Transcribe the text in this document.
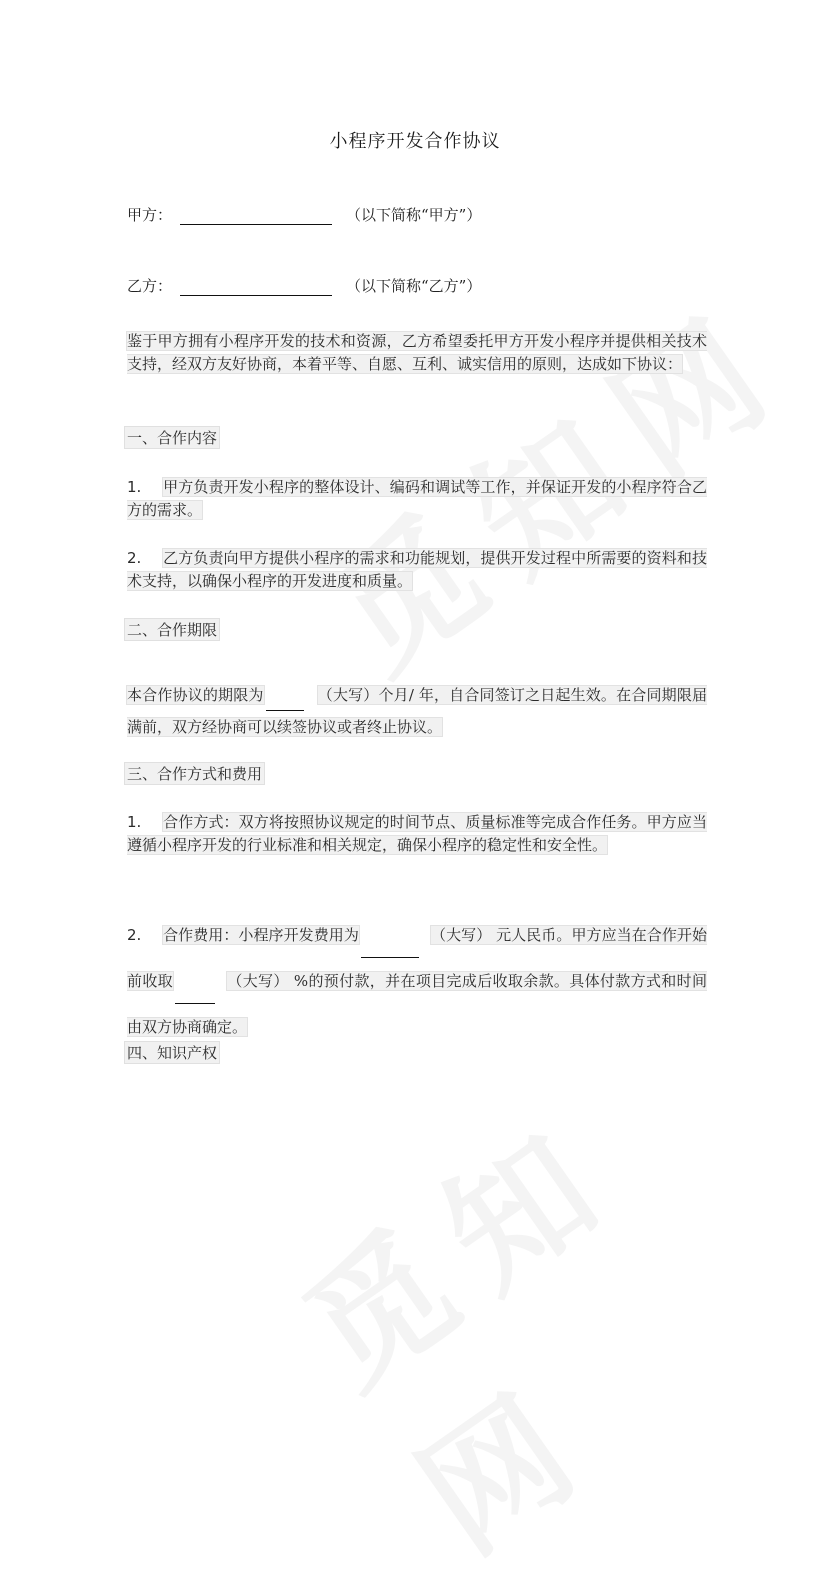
小程序开发合作协议
甲方：	（以下简称“甲方”）
乙方：	（以下简称“乙方”）
鉴于甲方拥有小程序开发的技术和资源，乙方希望委托甲方开发小程序并提供相关技术支持，经双方友好协商，本着平等、自愿、互利、诚实信用的原则，达成如下协议：
一、合作内容
1. 甲方负责开发小程序的整体设计、编码和调试等工作，并保证开发的小程序符合乙方的需求。
2. 乙方负责向甲方提供小程序的需求和功能规划，提供开发过程中所需要的资料和技术支持，以确保小程序的开发进度和质量。
二、合作期限
本合作协议的期限为	（大写）个月/ 年，自合同签订之日起生效。在合同期限届满前，双方经协商可以续签协议或者终止协议。
三、合作方式和费用
1. 合作方式：双方将按照协议规定的时间节点、质量标准等完成合作任务。甲方应当遵循小程序开发的行业标准和相关规定，确保小程序的稳定性和安全性。
2. 合作费用：小程序开发费用为	（大写） 元人民币。甲方应当在合作开始前收取	（大写） %的预付款，并在项目完成后收取余款。具体付款方式和时间由双方协商确定。
四、知识产权
